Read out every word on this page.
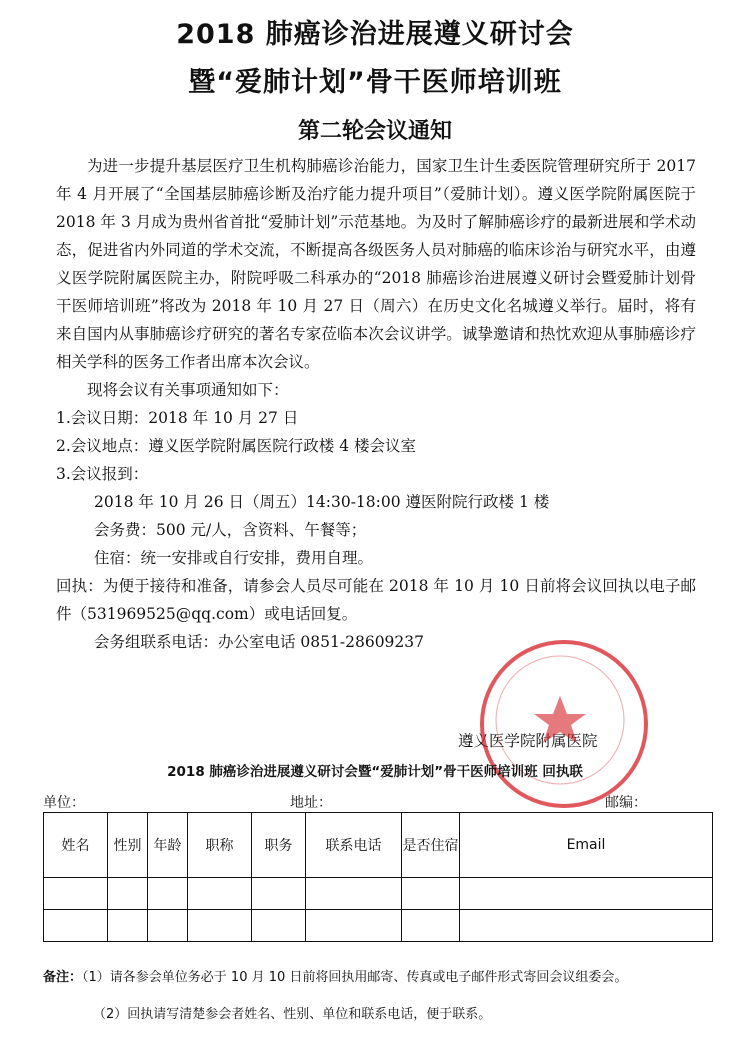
2018 肺癌诊治进展遵义研讨会
暨“爱肺计划”骨干医师培训班
第二轮会议通知

为进一步提升基层医疗卫生机构肺癌诊治能力，国家卫生计生委医院管理研究所于 2017 年 4 月开展了“全国基层肺癌诊断及治疗能力提升项目”（爱肺计划）。遵义医学院附属医院于 2018 年 3 月成为贵州省首批“爱肺计划”示范基地。为及时了解肺癌诊疗的最新进展和学术动态，促进省内外同道的学术交流，不断提高各级医务人员对肺癌的临床诊治与研究水平，由遵义医学院附属医院主办，附院呼吸二科承办的“2018 肺癌诊治进展遵义研讨会暨爱肺计划骨干医师培训班”将改为 2018 年 10 月 27 日（周六）在历史文化名城遵义举行。届时，将有来自国内从事肺癌诊疗研究的著名专家莅临本次会议讲学。诚挚邀请和热忱欢迎从事肺癌诊疗相关学科的医务工作者出席本次会议。

现将会议有关事项通知如下：

1.会议日期：2018 年 10 月 27 日

2.会议地点：遵义医学院附属医院行政楼 4 楼会议室

3.会议报到：

2018 年 10 月 26 日（周五）14:30-18:00 遵医附院行政楼 1 楼

会务费：500 元/人，含资料、午餐等；

住宿：统一安排或自行安排，费用自理。

回执：为便于接待和准备，请参会人员尽可能在 2018 年 10 月 10 日前将会议回执以电子邮件（531969525@qq.com）或电话回复。

会务组联系电话：办公室电话 0851-28609237

遵义医学院附属医院
2018 肺癌诊治进展遵义研讨会暨“爱肺计划”骨干医师培训班 回执联
单位：	地址：	邮编：
姓名	性别	年龄	职称	职务	联系电话	是否住宿	Email

备注：（1）请各参会单位务必于 10 月 10 日前将回执用邮寄、传真或电子邮件形式寄回会议组委会。
（2）回执请写清楚参会者姓名、性别、单位和联系电话，便于联系。
